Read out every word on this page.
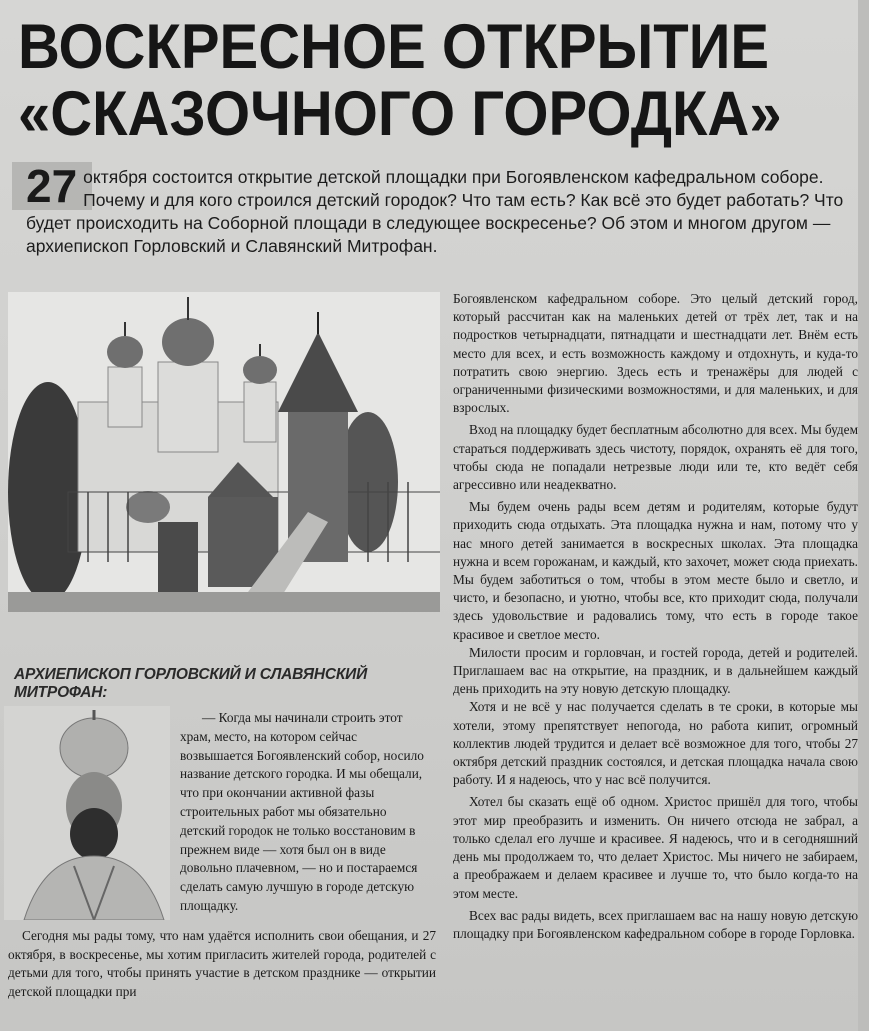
ВОСКРЕСНОЕ ОТКРЫТИЕ
«СКАЗОЧНОГО ГОРОДКА»
27 октября состоится открытие детской площадки при Богоявленском кафедральном соборе. Почему и для кого строился детский городок? Что там есть? Как всё это будет работать? Что будет происходить на Соборной площади в следующее воскресенье? Об этом и многом другом — архиепископ Горловский и Славянский Митрофан.

Богоявленском кафедральном соборе. Это целый детский город, который рассчитан как на маленьких детей от трёх лет, так и на подростков четырнадцати, пятнадцати и шестнадцати лет. Внём есть место для всех, и есть возможность каждому и отдохнуть, и куда-то потратить свою энергию. Здесь есть и тренажёры для людей с ограниченными физическими возможностями, и для маленьких, и для взрослых.

Вход на площадку будет бесплатным абсолютно для всех. Мы будем стараться поддерживать здесь чистоту, порядок, охранять её для того, чтобы сюда не попадали нетрезвые люди или те, кто ведёт себя агрессивно или неадекватно.

Мы будем очень рады всем детям и родителям, которые будут приходить сюда отдыхать. Эта площадка нужна и нам, потому что у нас много детей занимается в воскресных школах. Эта площадка нужна и всем горожанам, и каждый, кто захочет, может сюда приехать. Мы будем заботиться о том, чтобы в этом месте было и светло, и чисто, и безопасно, и уютно, чтобы все, кто приходит сюда, получали здесь удовольствие и радовались тому, что есть в городе такое красивое и светлое место.

Милости просим и горловчан, и гостей города, детей и родителей. Приглашаем вас на открытие, на праздник, и в дальнейшем каждый день приходить на эту новую детскую площадку.

Хотя и не всё у нас получается сделать в те сроки, в которые мы хотели, этому препятствует непогода, но работа кипит, огромный коллектив людей трудится и делает всё возможное для того, чтобы 27 октября детский праздник состоялся, и детская площадка начала свою работу. И я надеюсь, что у нас всё получится.

Хотел бы сказать ещё об одном. Христос пришёл для того, чтобы этот мир преобразить и изменить. Он ничего отсюда не забрал, а только сделал его лучше и красивее. Я надеюсь, что и в сегодняшний день мы продолжаем то, что делает Христос. Мы ничего не забираем, а преображаем и делаем красивее и лучше то, что было когда-то на этом месте.

Всех вас рады видеть, всех приглашаем вас на нашу новую детскую площадку при Богоявленском кафедральном соборе в городе Горловка.

АРХИЕПИСКОП ГОРЛОВСКИЙ И СЛАВЯНСКИЙ МИТРОФАН:

— Когда мы начинали строить этот храм, место, на котором сейчас возвышается Богоявленский собор, носило название детского городка. И мы обещали, что при окончании активной фазы строительных работ мы обязательно детский городок не только восстановим в прежнем виде — хотя был он в виде довольно плачевном, — но и постараемся сделать самую лучшую в городе детскую площадку.

Сегодня мы рады тому, что нам удаётся исполнить свои обещания, и 27 октября, в воскресенье, мы хотим пригласить жителей города, родителей с детьми для того, чтобы принять участие в детском празднике — открытии детской площадки при
